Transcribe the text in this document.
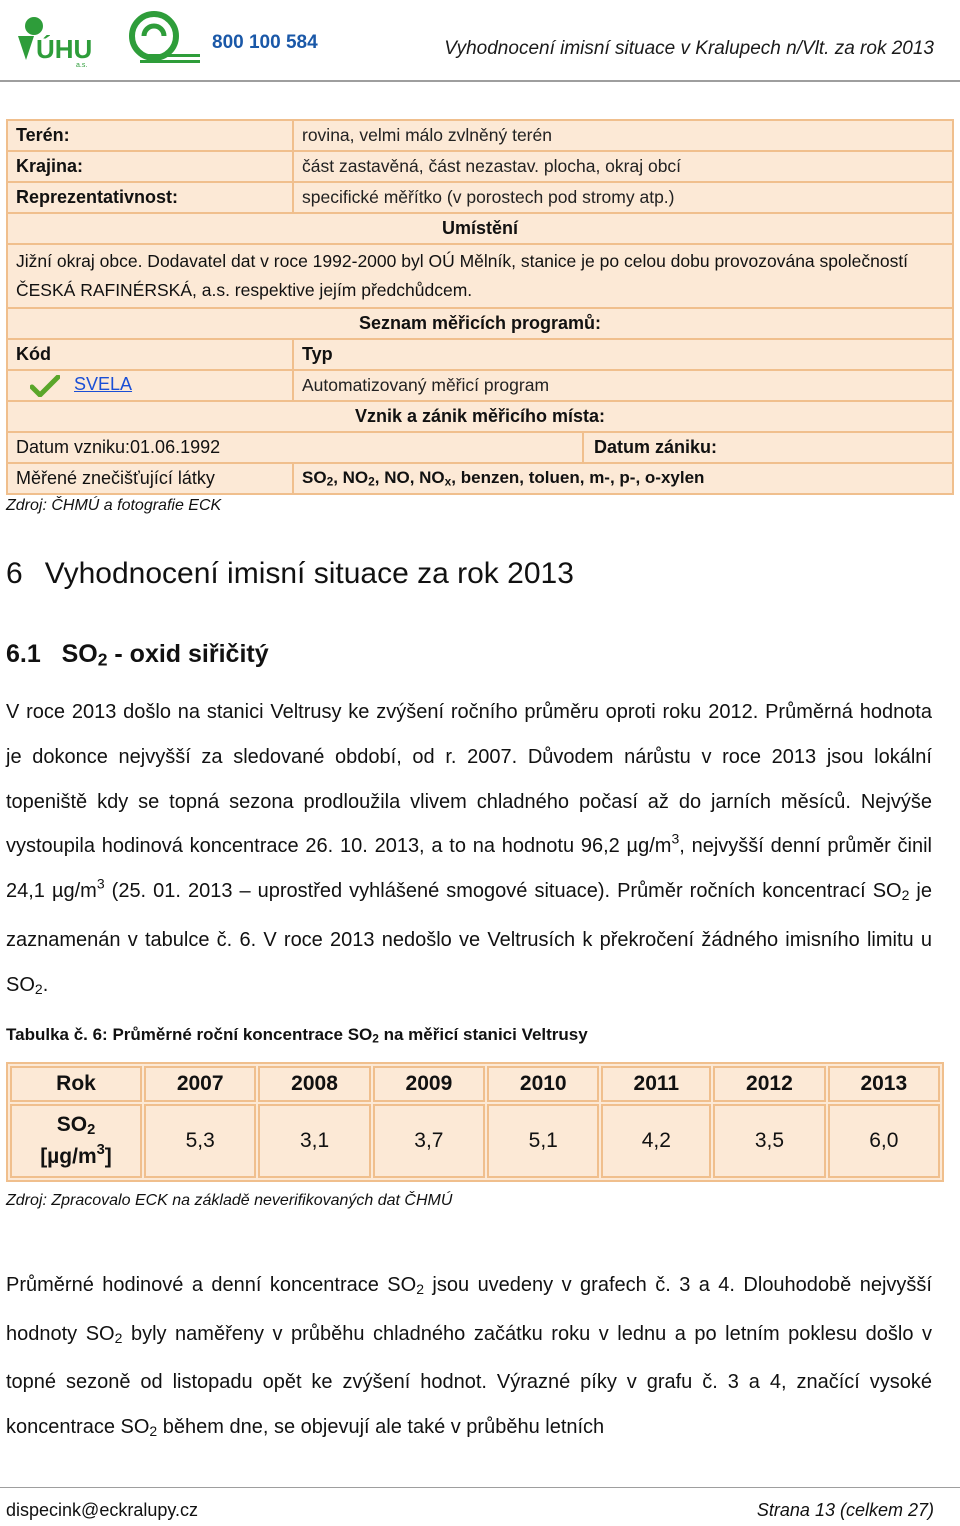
ÚHU
a.s.
800 100 584	Vyhodnocení imisní situace v Kralupech n/Vlt. za rok 2013
Terén:	rovina, velmi málo zvlněný terén	
Krajina:	část zastavěná, část nezastav. plocha, okraj obcí	
Reprezentativnost:	specifické měřítko (v porostech pod stromy atp.)	
Umístění		
Jižní okraj obce. Dodavatel dat v roce 1992-2000 byl OÚ Mělník, stanice je po celou dobu provozována společností ČESKÁ RAFINÉRSKÁ, a.s. respektive jejím předchůdcem.		
Seznam měřicích programů:		
Kód	Typ	
SVELA	Automatizovaný měřicí program	
Vznik a zánik měřicího místa:		
Datum vzniku:01.06.1992		Datum zániku:
Měřené znečišťující látky	$SO_2$, $NO_2$, NO, $NO_x$, benzen, toluen, m-, p-, o-xylen	
Zdroj: ČHMÚ a fotografie ECK
6 Vyhodnocení imisní situace za rok 2013
6.1 $SO_2$ - oxid siřičitý
V roce 2013 došlo na stanici Veltrusy ke zvýšení ročního průměru oproti roku 2012. Průměrná hodnota je dokonce nejvyšší za sledované období, od r. 2007. Důvodem nárůstu v roce 2013 jsou lokální topeniště kdy se topná sezona prodloužila vlivem chladného počasí až do jarních měsíců. Nejvýše vystoupila hodinová koncentrace 26. 10. 2013, a to na hodnotu 96,2 $\mu g/m^3$, nejvyšší denní průměr činil 24,1 $\mu g/m^3$ (25. 01. 2013 – uprostřed vyhlášené smogové situace). Průměr ročních koncentrací $SO_2$ je zaznamenán v tabulce č. 6. V roce 2013 nedošlo ve Veltrusích k překročení žádného imisního limitu u $SO_2$.
Tabulka č. 6: Průměrné roční koncentrace $SO_2$ na měřicí stanici Veltrusy
Rok	2007	2008	2009	2010	2011	2012	2013
$SO_2$
$[\mu g/m^3]$	5,3	3,1	3,7	5,1	4,2	3,5	6,0
Zdroj: Zpracovalo ECK na základě neverifikovaných dat ČHMÚ
Průměrné hodinové a denní koncentrace $SO_2$ jsou uvedeny v grafech č. 3 a 4. Dlouhodobě nejvyšší hodnoty $SO_2$ byly naměřeny v průběhu chladného začátku roku v lednu a po letním poklesu došlo v topné sezoně od listopadu opět ke zvýšení hodnot. Výrazné píky v grafu č. 3 a 4, značící vysoké koncentrace $SO_2$ během dne, se objevují ale také v průběhu letních
dispecink@eckralupy.cz	Strana 13 (celkem 27)
